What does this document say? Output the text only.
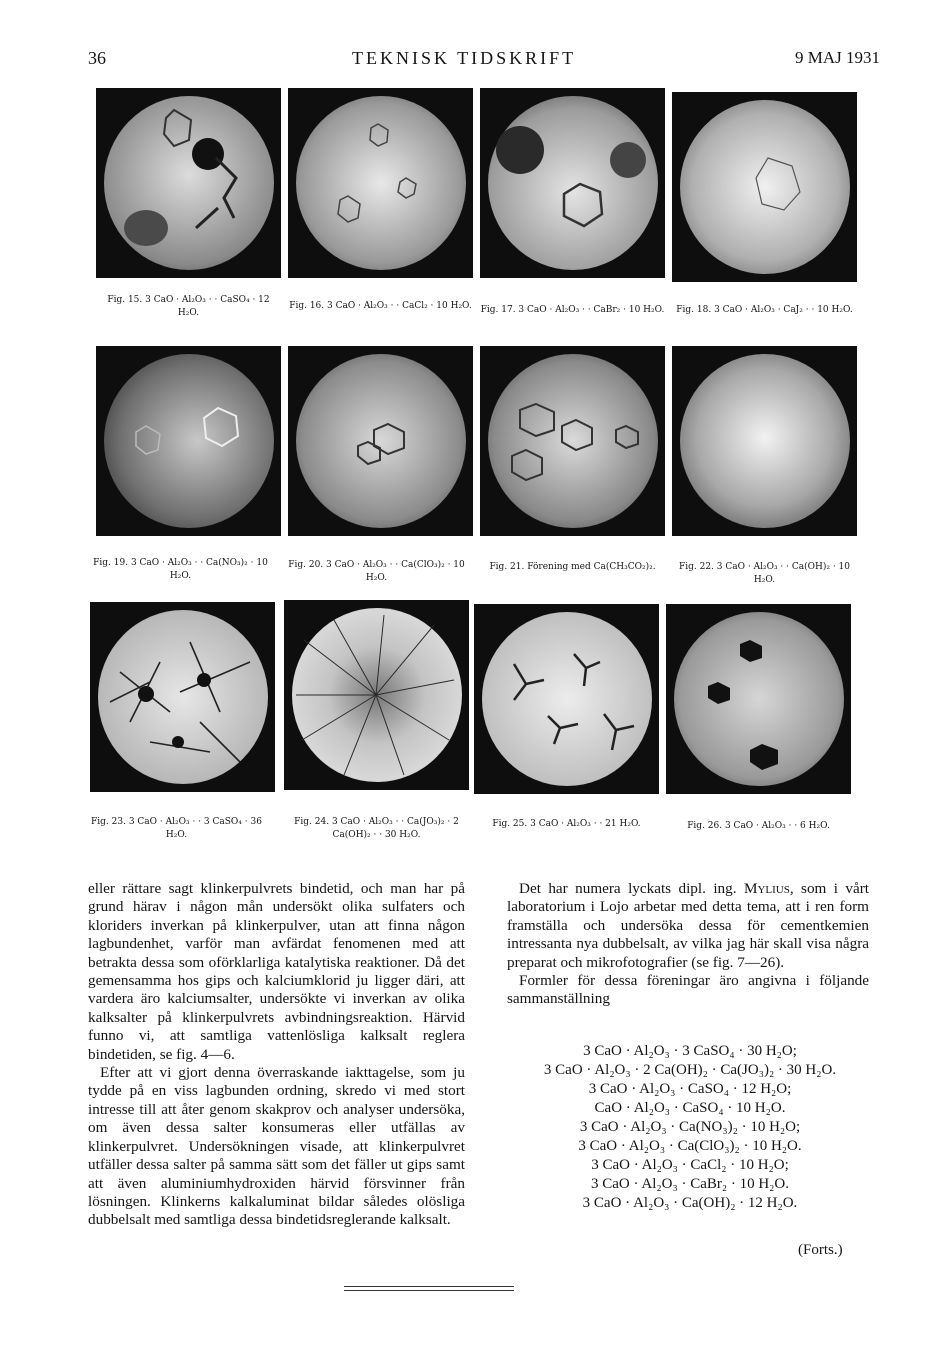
36	TEKNISK TIDSKRIFT	9 MAJ 1931
Fig. 15. 3 CaO · Al₂O₃ · · CaSO₄ · 12 H₂O.
Fig. 16. 3 CaO · Al₂O₃ · · CaCl₂ · 10 H₂O. Fig. 17. 3 CaO · Al₂O₃ · · CaBr₂ · 10 H₂O.	Fig. 18. 3 CaO · Al₂O₃ · CaJ₂ · · 10 H₂O.
Fig. 19. 3 CaO · Al₂O₃ · · Ca(NO₃)₂ · 10 H₂O.
Fig. 20. 3 CaO · Al₂O₃ · · Ca(ClO₃)₂ · 10 H₂O.
Fig. 21. Förening med Ca(CH₃CO₂)₂.	Fig. 22. 3 CaO · Al₂O₃ · · Ca(OH)₂ · 10 H₂O.
Fig. 23. 3 CaO · Al₂O₃ · · 3 CaSO₄ · 36 H₂O.
Fig. 24. 3 CaO · Al₂O₃ · · Ca(JO₃)₂ · 2 Ca(OH)₂ · · 30 H₂O.
Fig. 25. 3 CaO · Al₂O₃ · · 21 H₂O.	Fig. 26. 3 CaO · Al₂O₃ · · 6 H₂O.

eller rättare sagt klinkerpulvrets bindetid, och man har på grund härav i någon mån undersökt olika sulfaters och kloriders inverkan på klinkerpulver, utan att finna någon lagbundenhet, varför man avfärdat fenomenen med att betrakta dessa som oförklarliga katalytiska reaktioner. Då det gemensamma hos gips och kalciumklorid ju ligger däri, att vardera äro kalciumsalter, undersökte vi inverkan av olika kalksalter på klinkerpulvrets avbindningsreaktion. Härvid funno vi, att samtliga vattenlösliga kalksalt reglera bindetiden, se fig. 4—6.

Efter att vi gjort denna överraskande iakttagelse, som ju tydde på en viss lagbunden ordning, skredo vi med stort intresse till att åter genom skakprov och analyser undersöka, om även dessa salter konsumeras eller utfällas av klinkerpulvret. Undersökningen visade, att klinkerpulvret utfäller dessa salter på samma sätt som det fäller ut gips samt att även aluminiumhydroxiden härvid försvinner från lösningen. Klinkerns kalkaluminat bildar således olösliga dubbelsalt med samtliga dessa bindetidsreglerande kalksalt.

Det har numera lyckats dipl. ing. Mylius, som i vårt laboratorium i Lojo arbetar med detta tema, att i ren form framställa och undersöka dessa för cementkemien intressanta nya dubbelsalt, av vilka jag här skall visa några preparat och mikrofotografier (se fig. 7—26).

Formler för dessa föreningar äro angivna i följande sammanställning

3 CaO · Al₂O₃ · 3 CaSO₄ · 30 H₂O;
3 CaO · Al₂O₃ · 2 Ca(OH)₂ · Ca(JO₃)₂ · 30 H₂O.
3 CaO · Al₂O₃ · CaSO₄ · 12 H₂O;
CaO · Al₂O₃ · CaSO₄ · 10 H₂O.
3 CaO · Al₂O₃ · Ca(NO₃)₂ · 10 H₂O;
3 CaO · Al₂O₃ · Ca(ClO₃)₂ · 10 H₂O.
3 CaO · Al₂O₃ · CaCl₂ · 10 H₂O;
3 CaO · Al₂O₃ · CaBr₂ · 10 H₂O.
3 CaO · Al₂O₃ · Ca(OH)₂ · 12 H₂O.
(Forts.)
